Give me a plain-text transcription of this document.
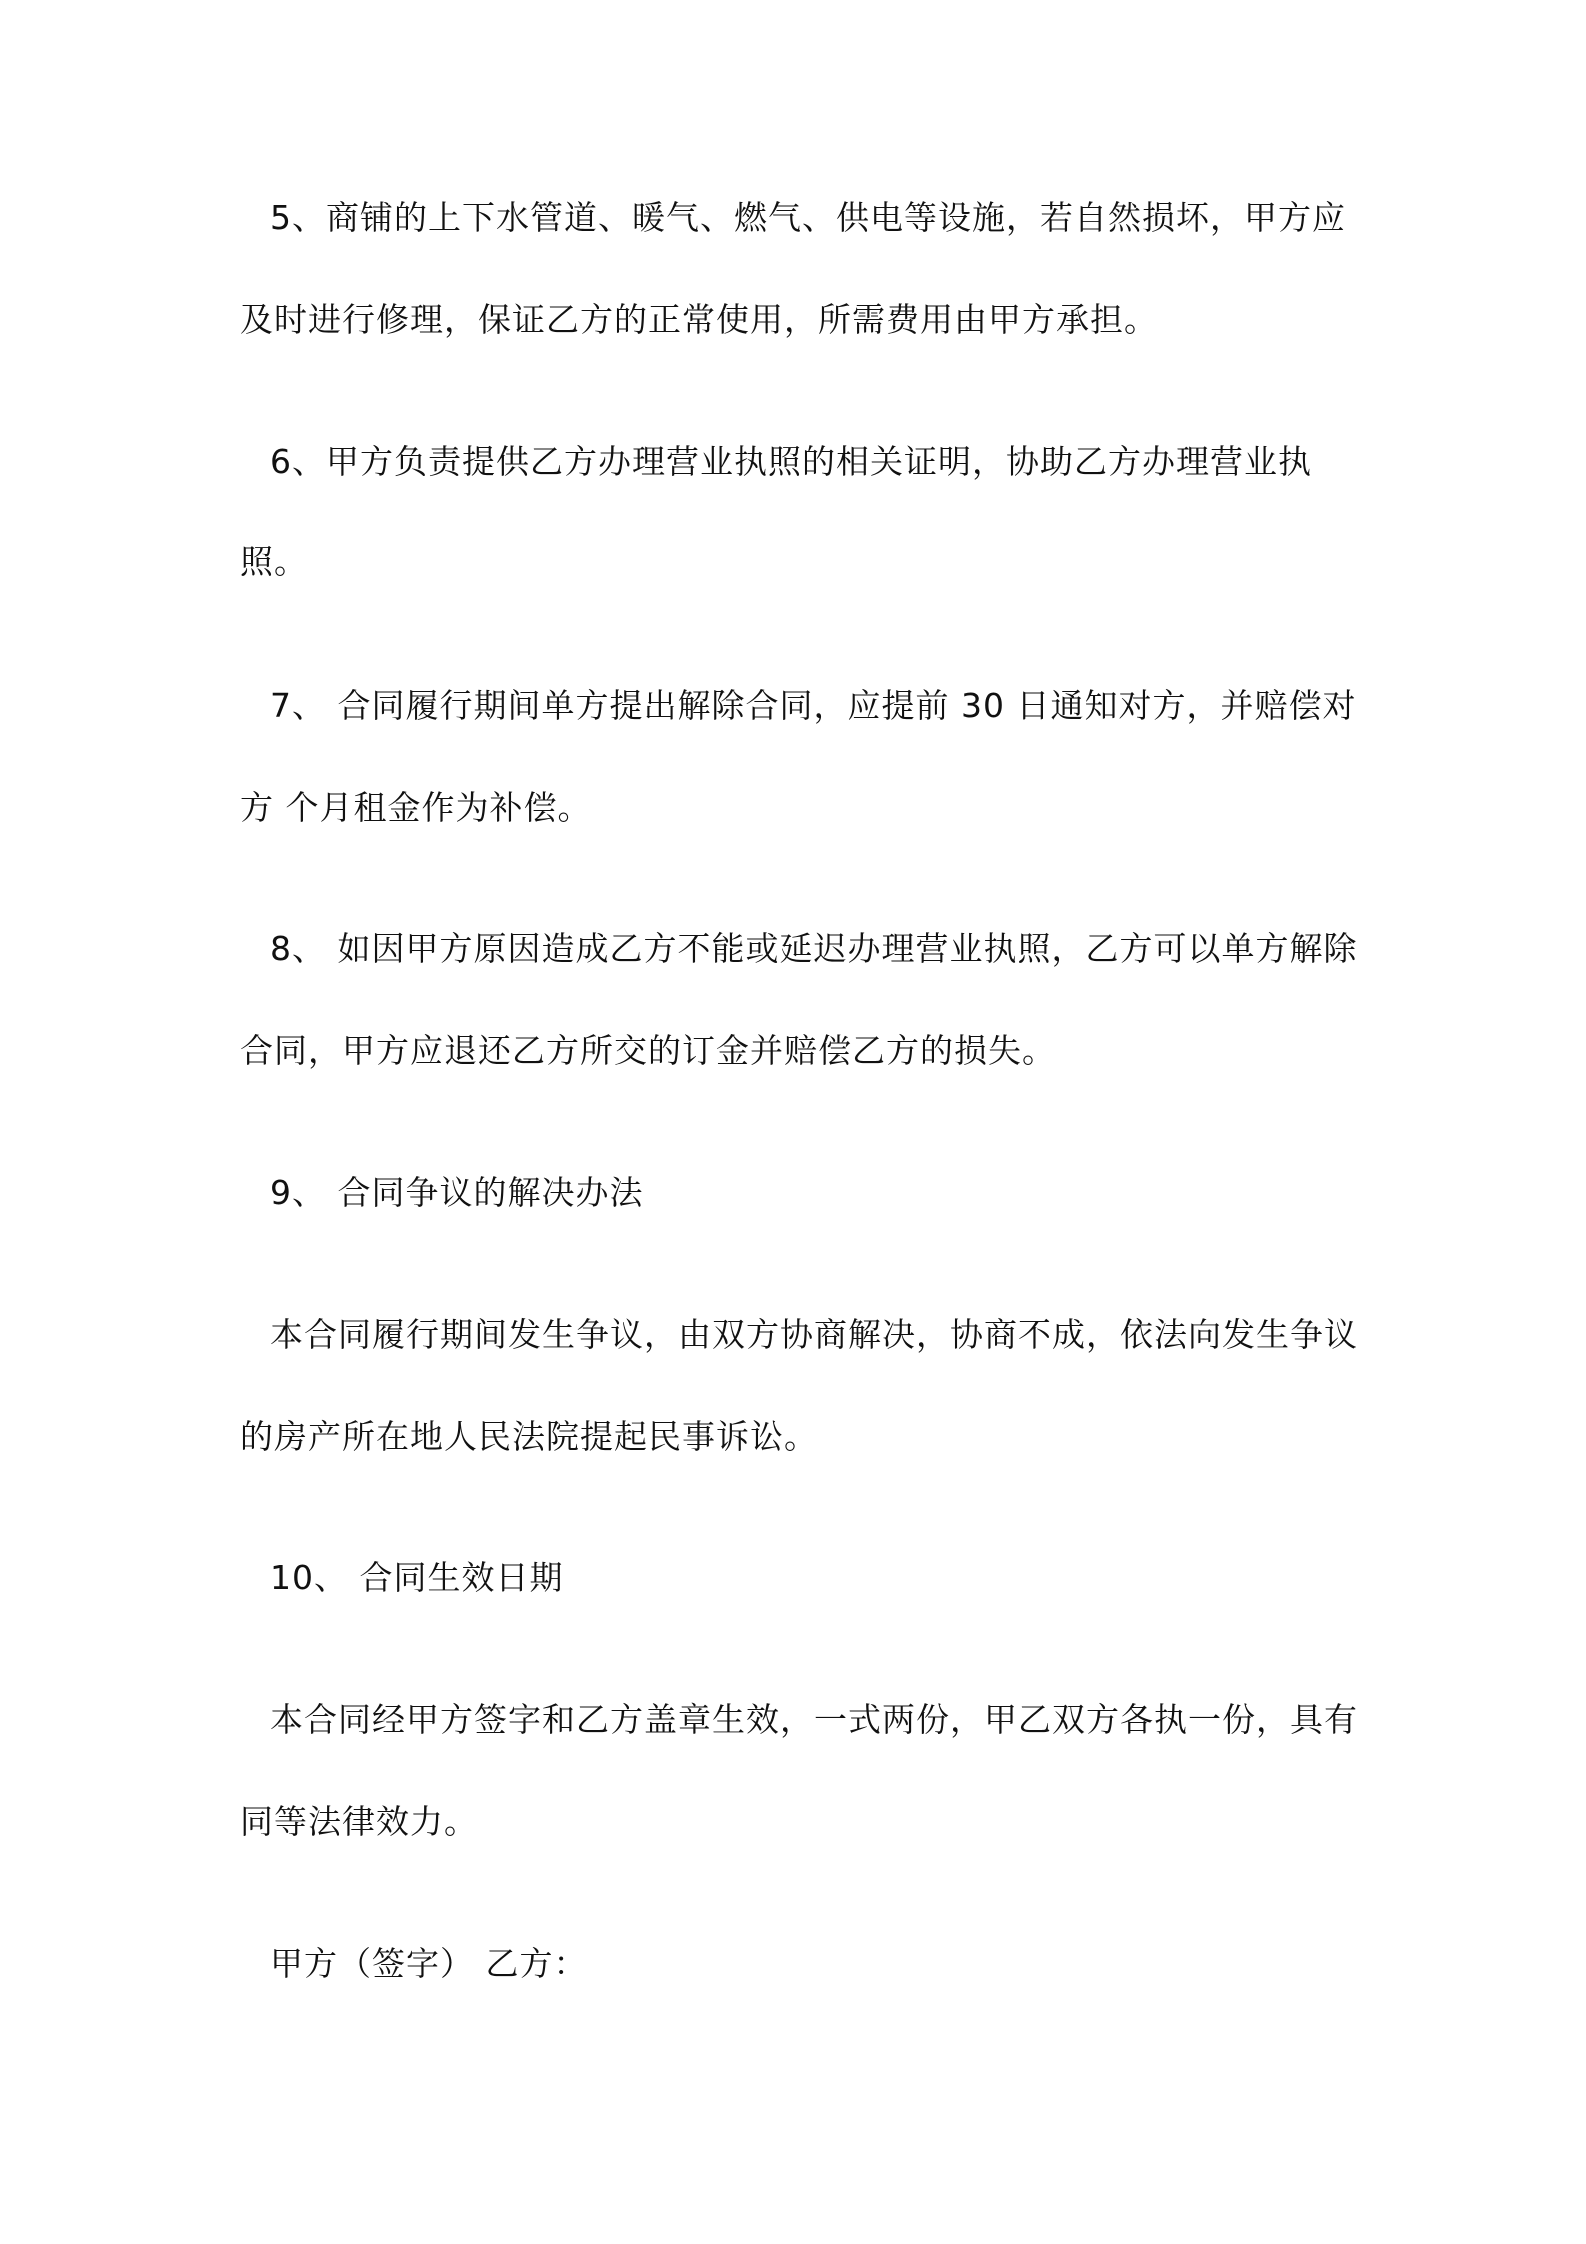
5、商铺的上下水管道、暖气、燃气、供电等设施，若自然损坏，甲方应
及时进行修理，保证乙方的正常使用，所需费用由甲方承担。
6、甲方负责提供乙方办理营业执照的相关证明，协助乙方办理营业执
照。
7、 合同履行期间单方提出解除合同，应提前 30 日通知对方，并赔偿对
方 个月租金作为补偿。
8、 如因甲方原因造成乙方不能或延迟办理营业执照，乙方可以单方解除
合同，甲方应退还乙方所交的订金并赔偿乙方的损失。
9、 合同争议的解决办法
本合同履行期间发生争议，由双方协商解决，协商不成，依法向发生争议
的房产所在地人民法院提起民事诉讼。
10、 合同生效日期
本合同经甲方签字和乙方盖章生效，一式两份，甲乙双方各执一份，具有
同等法律效力。
甲方（签字） 乙方：
